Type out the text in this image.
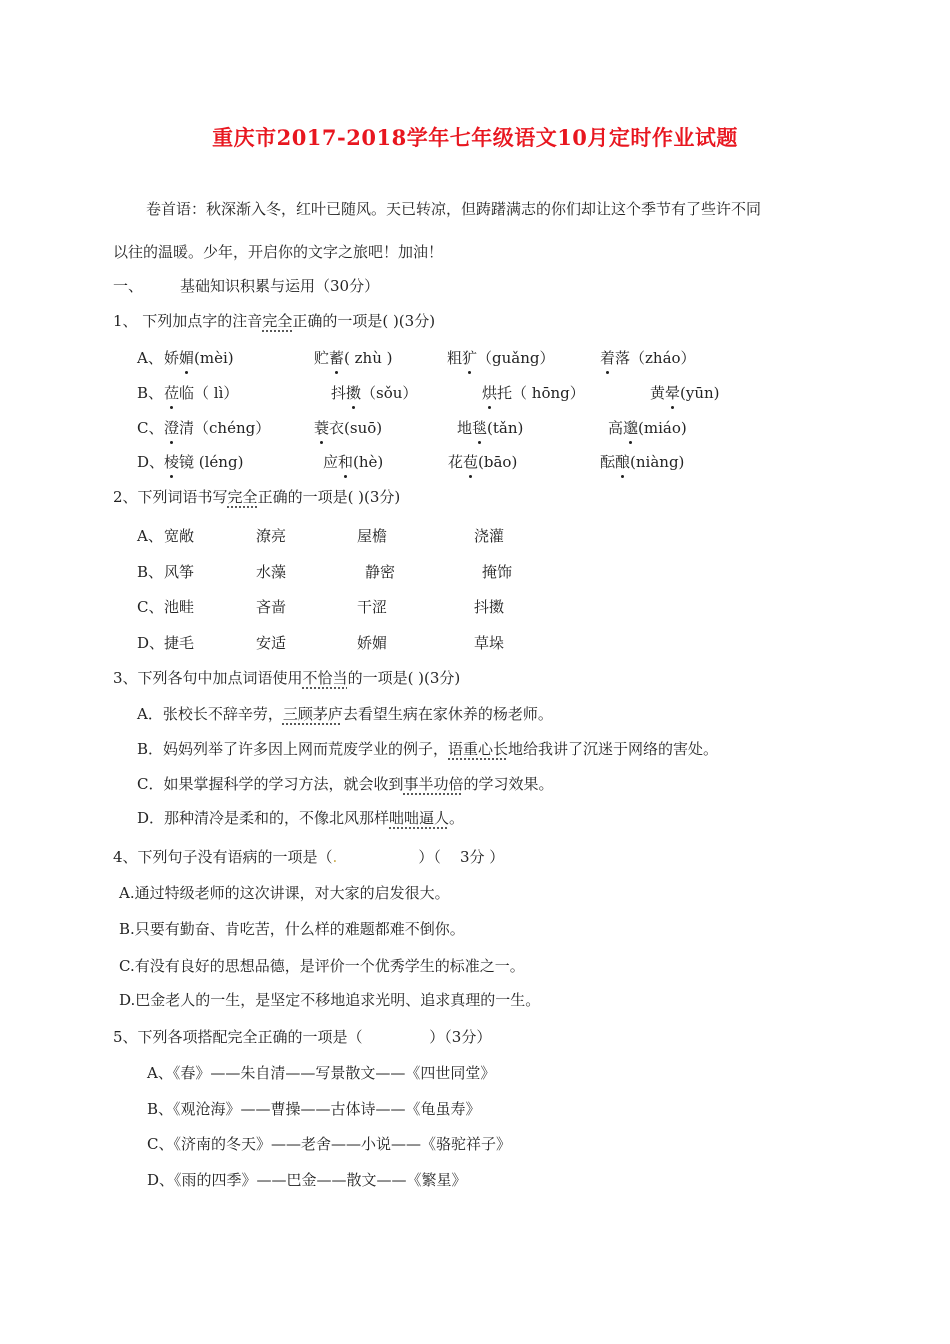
重庆市2017-2018学年七年级语文10月定时作业试题
卷首语：秋深渐入冬，红叶已随风。天已转凉，但踌躇满志的你们却让这个季节有了些许不同
以往的温暖。少年，开启你的文字之旅吧！加油！
一、 基础知识积累与运用（30分）
1、 下列加点字的注音完全正确的一项是( )(3分)
A、 娇媚(mèi)	贮蓄( zhù )	粗犷（guǎng）	着落（zháo）
B、 莅临（ lì）	抖擞（sǒu）	烘托（ hōng）	黄晕(yūn)
C、 澄清（chéng）	蓑衣(suō)	地毯(tǎn)	高邈(miáo)
D、 棱镜 (léng)	应和(hè)	花苞(bāo)	酝酿(niàng)
2、下列词语书写完全正确的一项是( )(3分)
A、 宽敞	潦亮	屋檐	浇灌
B、 风筝	水藻	静密	掩饰
C、 池畦	吝啬	干涩	抖擞
D、 捷毛	安适	娇媚	草垛
3、下列各句中加点词语使用不恰当的一项是( )(3分)
A．张校长不辞辛劳，三顾茅庐去看望生病在家休养的杨老师。
B．妈妈列举了许多因上网而荒废学业的例子，语重心长地给我讲了沉迷于网络的害处。
C．如果掌握科学的学习方法，就会收到事半功倍的学习效果。
D．那种清冷是柔和的，不像北风那样咄咄逼人。
4、下列句子没有语病的一项是（.                 ）（    3分 ）
A.通过特级老师的这次讲课，对大家的启发很大。
B.只要有勤奋、肯吃苦，什么样的难题都难不倒你。
C.有没有良好的思想品德，是评价一个优秀学生的标准之一。
D.巴金老人的一生，是坚定不移地追求光明、追求真理的一生。
5、下列各项搭配完全正确的一项是（              ）（3分）
A、《春》——朱自清——写景散文——《四世同堂》
B、《观沧海》——曹操——古体诗——《龟虽寿》
C、《济南的冬天》——老舍——小说——《骆驼祥子》
D、《雨的四季》——巴金——散文——《繁星》
